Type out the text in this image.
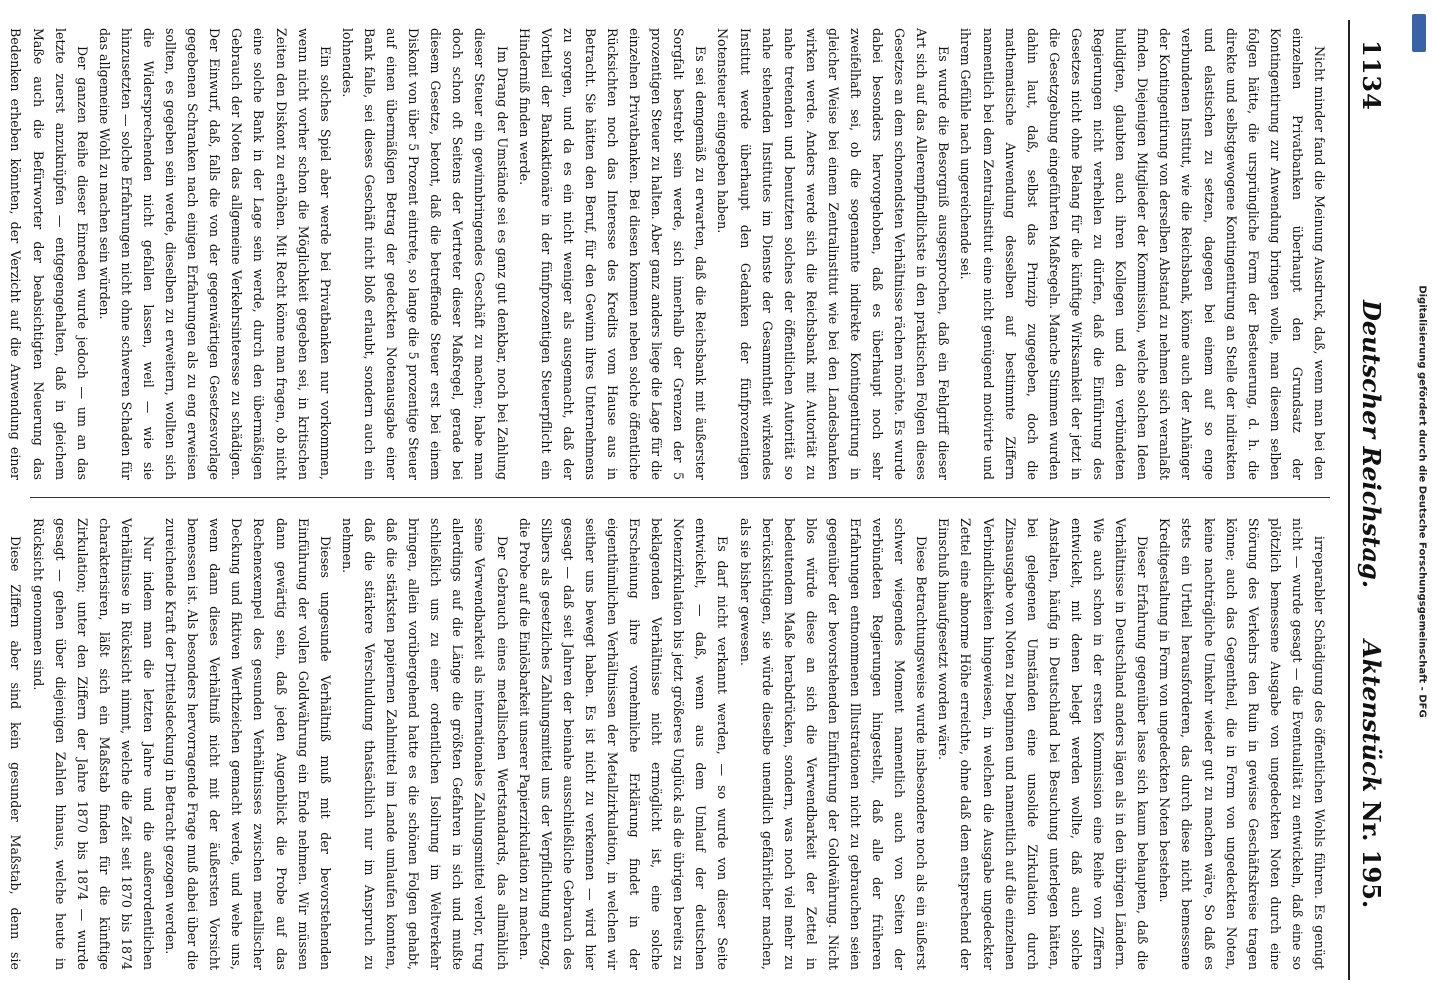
1134
Deutscher Reichstag.
Aktenstück Nr. 195.

Nicht minder fand die Meinung Ausdruck, daß, wenn man bei den einzelnen Privatbanken überhaupt den Grundsatz der Kontingentirung zur Anwendung bringen wolle, man diesem selben folgen hätte, die ursprüngliche Form der Besteuerung, d. h. die direkte und selbstgewogene Kontingentirung an Stelle der indirekten und elastischen zu setzen, dagegen bei einem auf so enge verbundenen Institut, wie die Reichsbank, könne auch der Anhänger der Kontingentirung von derselben Abstand zu nehmen sich veranlaßt finden. Diejenigen Mitglieder der Kommission, welche solchen Ideen huldigten, glaubten auch ihren Kollegen und den verbündeten Regierungen nicht verhehlen zu dürfen, daß die Einführung des Gesetzes nicht ohne Belang für die künftige Wirksamkeit der jetzt in die Gesetzgebung eingeführten Maßregeln. Manche Stimmen wurden dahin laut, daß, selbst das Prinzip zugegeben, doch die mathematische Anwendung desselben auf bestimmte Ziffern namentlich bei dem Zentralinstitut eine nicht genügend motivirte und ihrem Gefühle nach ungereichende sei.

Es wurde die Besorgniß ausgesprochen, daß ein Fehlgriff dieser Art sich auf das Allerempfindlichste in den praktischen Folgen dieses Gesetzes an dem schonendsten Verhältnisse rächen möchte. Es wurde dabei besonders hervorgehoben, daß es überhaupt noch sehr zweifelhaft sei, ob die sogenannte indirekte Kontingentirung in gleicher Weise bei einem Zentralinstitut wie bei den Landesbanken wirken werde. Anders werde sich die Reichsbank mit Autorität zu nahe tretenden und benutzten solches der öffentlichen Autorität so nahe stehenden Institutes im Dienste der Gesammtheit wirkendes Institut werde überhaupt den Gedanken der fünfprozentigen Notensteuer eingegeben haben.

Es sei demgemäß zu erwarten, daß die Reichsbank mit äußerster Sorgfalt bestrebt sein werde, sich innerhalb der Grenzen der 5 prozentigen Steuer zu halten. Aber ganz anders liege die Lage für die einzelnen Privatbanken. Bei diesen kommen neben solche öffentliche Rücksichten noch das Interesse des Kredits vom Hause aus in Betracht. Sie hätten den Beruf, für den Gewinn ihres Unternehmens zu sorgen, und da es ein nicht weniger als ausgemacht, daß der Vortheil der Bankaktionäre in der fünfprozentigen Steuerpflicht ein Hinderniß finden werde.

Im Drang der Umstände sei es ganz gut denkbar, noch bei Zahlung dieser Steuer ein gewinnbringendes Geschäft zu machen; habe man doch schon oft Seitens der Vertreter dieser Maßregel, gerade bei diesem Gesetze, betont, daß die betreffende Steuer erst bei einem Diskont von über 5 Prozent eintrete, so lange die 5 prozentige Steuer auf einen übermäßigen Betrag der gedeckten Notenausgabe einer Bank falle, sei dieses Geschäft nicht bloß erlaubt, sondern auch ein lohnendes.

Ein solches Spiel aber werde bei Privatbanken nur vorkommen, wenn nicht vorher schon die Möglichkeit gegeben sei, in kritischen Zeiten den Diskont zu erhöhen. Mit Recht könne man fragen, ob nicht eine solche Bank in der Lage sein werde, durch den übermäßigen Gebrauch der Noten das allgemeine Verkehrsinteresse zu schädigen. Der Einwurf, daß, falls die von der gegenwärtigen Gesetzesvorlage gegebenen Schranken nach einigen Erfahrungen als zu eng erweisen sollten, es gegeben sein werde, dieselben zu erweitern, wollten sich die Widersprechenden nicht gefallen lassen, weil — wie sie hinzusetzten — solche Erfahrungen nicht ohne schweren Schaden für das allgemeine Wohl zu machen sein würden.

Der ganzen Reihe dieser Einreden wurde jedoch — um an das letzte zuerst anzuknüpfen — entgegengehalten, daß in gleichem Maße auch die Befürworter der beabsichtigten Neuerung das Bedenken erheben könnten, der Verzicht auf die Anwendung einer

irreparabler Schädigung des öffentlichen Wohls führen. Es genügt nicht — wurde gesagt — die Eventualität zu entwickeln, daß eine so plötzlich bemessene Ausgabe von ungedeckten Noten durch eine Störung des Verkehrs den Ruin in gewisse Geschäftskreise tragen könne; auch das Gegentheil, die in Form von ungedeckten Noten, keine nachträgliche Umkehr wieder gut zu machen wäre, So daß es stets ein Urtheil herausforderen, das durch diese nicht bemessene Kreditgestaltung in Form von ungedeckten Noten bestehen.

Dieser Erfahrung gegenüber lasse sich kaum behaupten, daß die Verhältnisse in Deutschland anders lägen als in den übrigen Ländern. Wie auch schon in der ersten Kommission eine Reihe von Ziffern entwickelt, mit denen belegt werden wollte, daß auch solche Anstalten, häufig in Deutschland bei Besuchung unterlegen hätten, bei gelegenen Umständen eine unsolide Zirkulation durch Zinsausgabe von Noten zu beginnen und namentlich auf die einzelnen Verbindlichkeiten hingewiesen, in welchen die Ausgabe ungedeckter Zettel eine abnorme Höhe erreichte, ohne daß dem entsprechend der Einschuß hinaufgesetzt worden wäre.

Diese Betrachtungsweise wurde insbesondere noch als ein äußerst schwer wiegendes Moment namentlich auch von Seiten der verbündeten Regierungen hingestellt, daß alle der früheren Erfahrungen entnommenen Illustrationen nicht zu gebrauchen seien gegenüber der bevorstehenden Einführung der Goldwährung. Nicht blos würde diese an sich die Verwendbarkeit der Zettel in bedeutendem Maße herabdrücken, sondern, was noch viel mehr zu berücksichtigen, sie würde dieselbe unendlich gefährlicher machen, als sie bisher gewesen.

Es darf nicht verkannt werden, — so wurde von dieser Seite entwickelt, — daß, wenn aus dem Umlauf der deutschen Notenzirkulation bis jetzt größeres Unglück als die übrigen bereits zu beklagenden Verhältnisse nicht ermöglicht ist, eine solche Erscheinung ihre vornehmliche Erklärung findet in der eigenthümlichen Verhältnissen der Metallzirkulation, in welchen wir seither uns bewegt haben. Es ist nicht zu verkennen — wird hier gesagt — daß seit Jahren der beinahe ausschließliche Gebrauch des Silbers als gesetzliches Zahlungsmittel uns der Verpflichtung entzog, die Probe auf die Einlösbarkeit unserer Papierzirkulation zu machen.

Der Gebrauch eines metallischen Wertstandards, das allmählich seine Verwendbarkeit als internationales Zahlungsmittel verlor, trug allerdings auf die Länge die größten Gefahren in sich und mußte schließlich uns zu einer ordentlichen Isolirung im Weltverkehr bringen, allein vorübergehend hatte es die schönen Folgen gehabt, daß die stärksten papiernen Zahlmittel im Lande umlaufen konnten, daß die stärkere Verschuldung thatsächlich nur im Anspruch zu nehmen.

Dieses ungesunde Verhältniß muß mit der bevorstehenden Einführung der vollen Goldwährung ein Ende nehmen. Wir müssen dann gewärtig sein, daß jeden Augenblick die Probe auf das Rechenexempel des gesunden Verhältnisses zwischen metallischer Deckung und fiktiven Werthzeichen gemacht werde, und wehe uns, wenn dann dieses Verhältniß nicht mit der äußersten Vorsicht bemessen ist. Als besonders hervorragende Frage muß dabei über die zureichende Kraft der Drittelsdeckung in Betracht gezogen werden.

Nur indem man die letzten Jahre und die außerordentlichen Verhältnisse in Rücksicht nimmt, welche die Zeit seit 1870 bis 1874 charakterisiren, läßt sich ein Maßstab finden für die künftige Zirkulation; unter den Ziffern der Jahre 1870 bis 1874 — wurde gesagt — gehen über diejenigen Zahlen hinaus, welche heute in Rücksicht genommen sind.

Diese Ziffern aber sind kein gesunder Maßstab, denn sie

Digitalisierung gefördert durch die Deutsche Forschungsgemeinschaft - DFG
